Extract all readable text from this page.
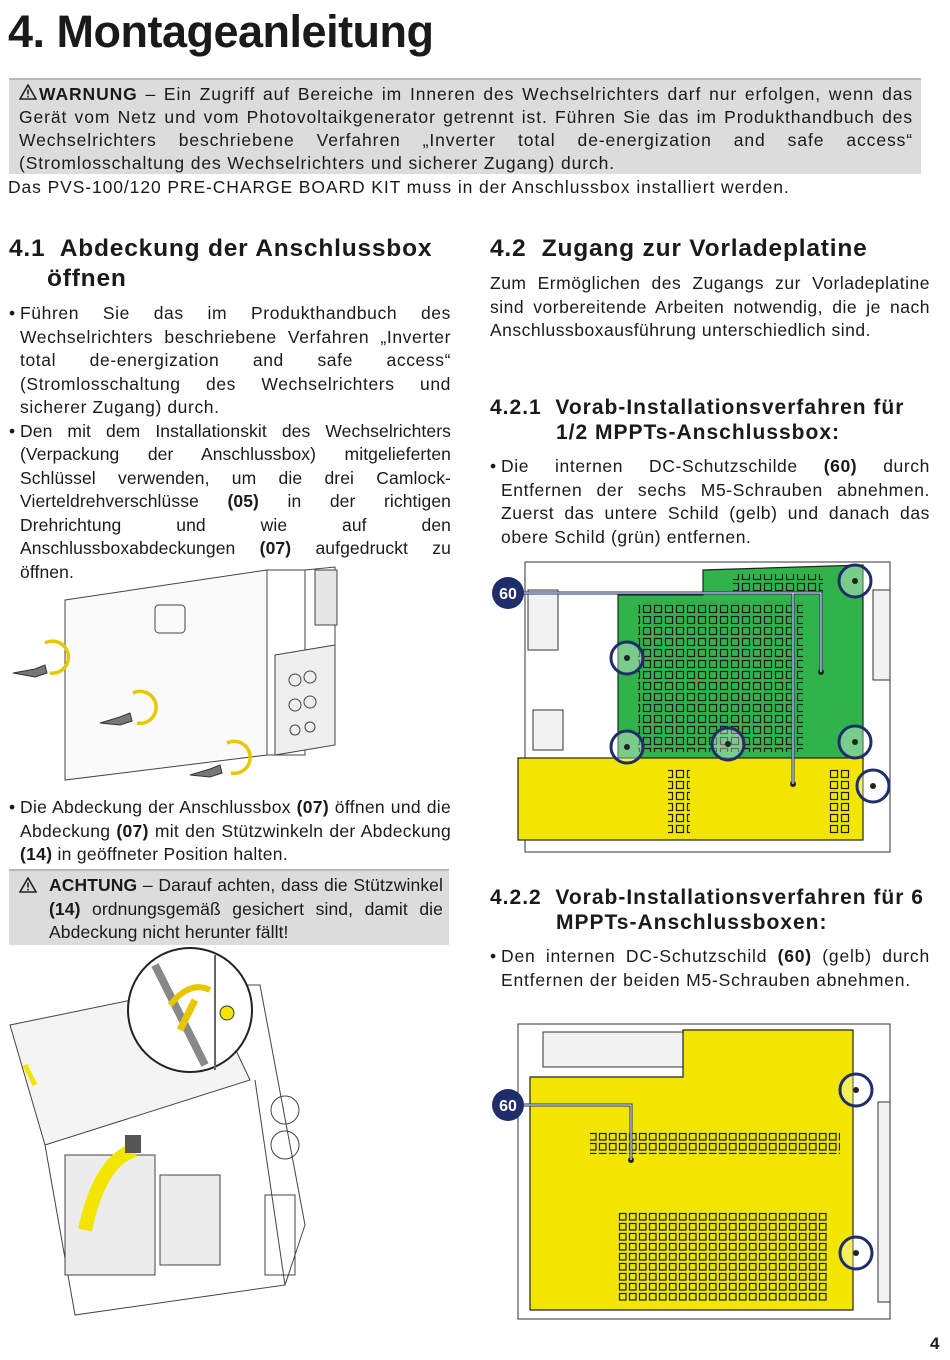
4. Montageanleitung

WARNUNG – Ein Zugriff auf Bereiche im Inneren des Wechselrichters darf nur erfolgen, wenn das Gerät vom Netz und vom Photovoltaikgenerator getrennt ist. Führen Sie das im Produkthandbuch des Wechselrichters beschriebene Verfahren „Inverter total de-energization and safe access“ (Stromlosschaltung des Wechselrichters und sicherer Zugang) durch.

Das PVS-100/120 PRE-CHARGE BOARD KIT muss in der Anschlussbox installiert werden.

4.1 Abdeckung der Anschlussbox öffnen
• Führen Sie das im Produkthandbuch des Wechselrichters beschriebene Verfahren „Inverter total de-energization and safe access“ (Stromlosschaltung des Wechselrichters und sicherer Zugang) durch.
• Den mit dem Installationskit des Wechselrichters (Verpackung der Anschlussbox) mitgelieferten Schlüssel verwenden, um die drei Camlock-Vierteldrehverschlüsse (05) in der richtigen Drehrichtung und wie auf den Anschlussboxabdeckungen (07) aufgedruckt zu öffnen.
• Die Abdeckung der Anschlussbox (07) öffnen und die Abdeckung (07) mit den Stützwinkeln der Abdeckung (14) in geöffneter Position halten.

ACHTUNG – Darauf achten, dass die Stützwinkel (14) ordnungsgemäß gesichert sind, damit die Abdeckung nicht herunter fällt!

4.2 Zugang zur Vorladeplatine

Zum Ermöglichen des Zugangs zur Vorladeplatine sind vorbereitende Arbeiten notwendig, die je nach Anschlussboxausführung unterschiedlich sind.

4.2.1 Vorab-Installationsverfahren für 1/2 MPPTs-Anschlussbox:
• Die internen DC-Schutzschilde (60) durch Entfernen der sechs M5-Schrauben abnehmen. Zuerst das untere Schild (gelb) und danach das obere Schild (grün) entfernen.
60
4.2.2 Vorab-Installationsverfahren für 6 MPPTs-Anschlussboxen:
• Den internen DC-Schutzschild (60) (gelb) durch Entfernen der beiden M5-Schrauben abnehmen.
60
4
